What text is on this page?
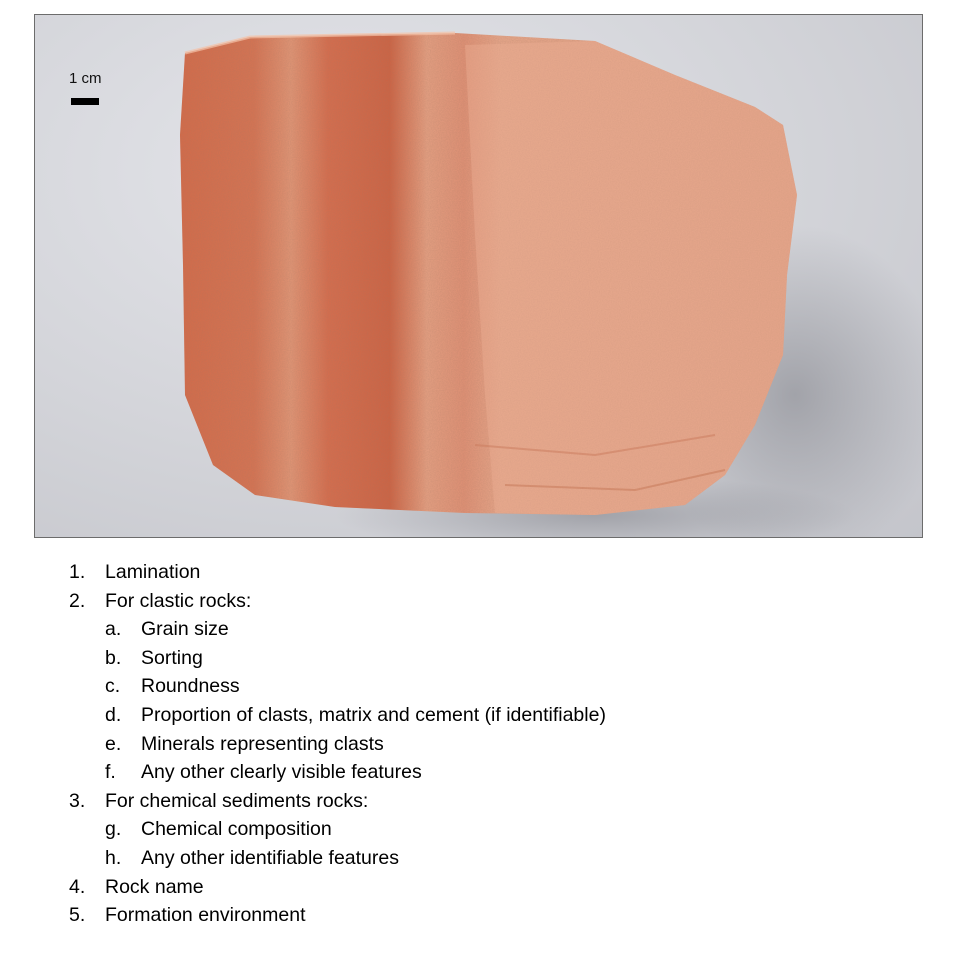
1 cm
1.	Lamination
2.	For clastic rocks:
a.	Grain size
b.	Sorting
c.	Roundness
d.	Proportion of clasts, matrix and cement (if identifiable)
e.	Minerals representing clasts
f.	Any other clearly visible features
3.	For chemical sediments rocks:
g.	Chemical composition
h.	Any other identifiable features
4.	Rock name
5.	Formation environment
